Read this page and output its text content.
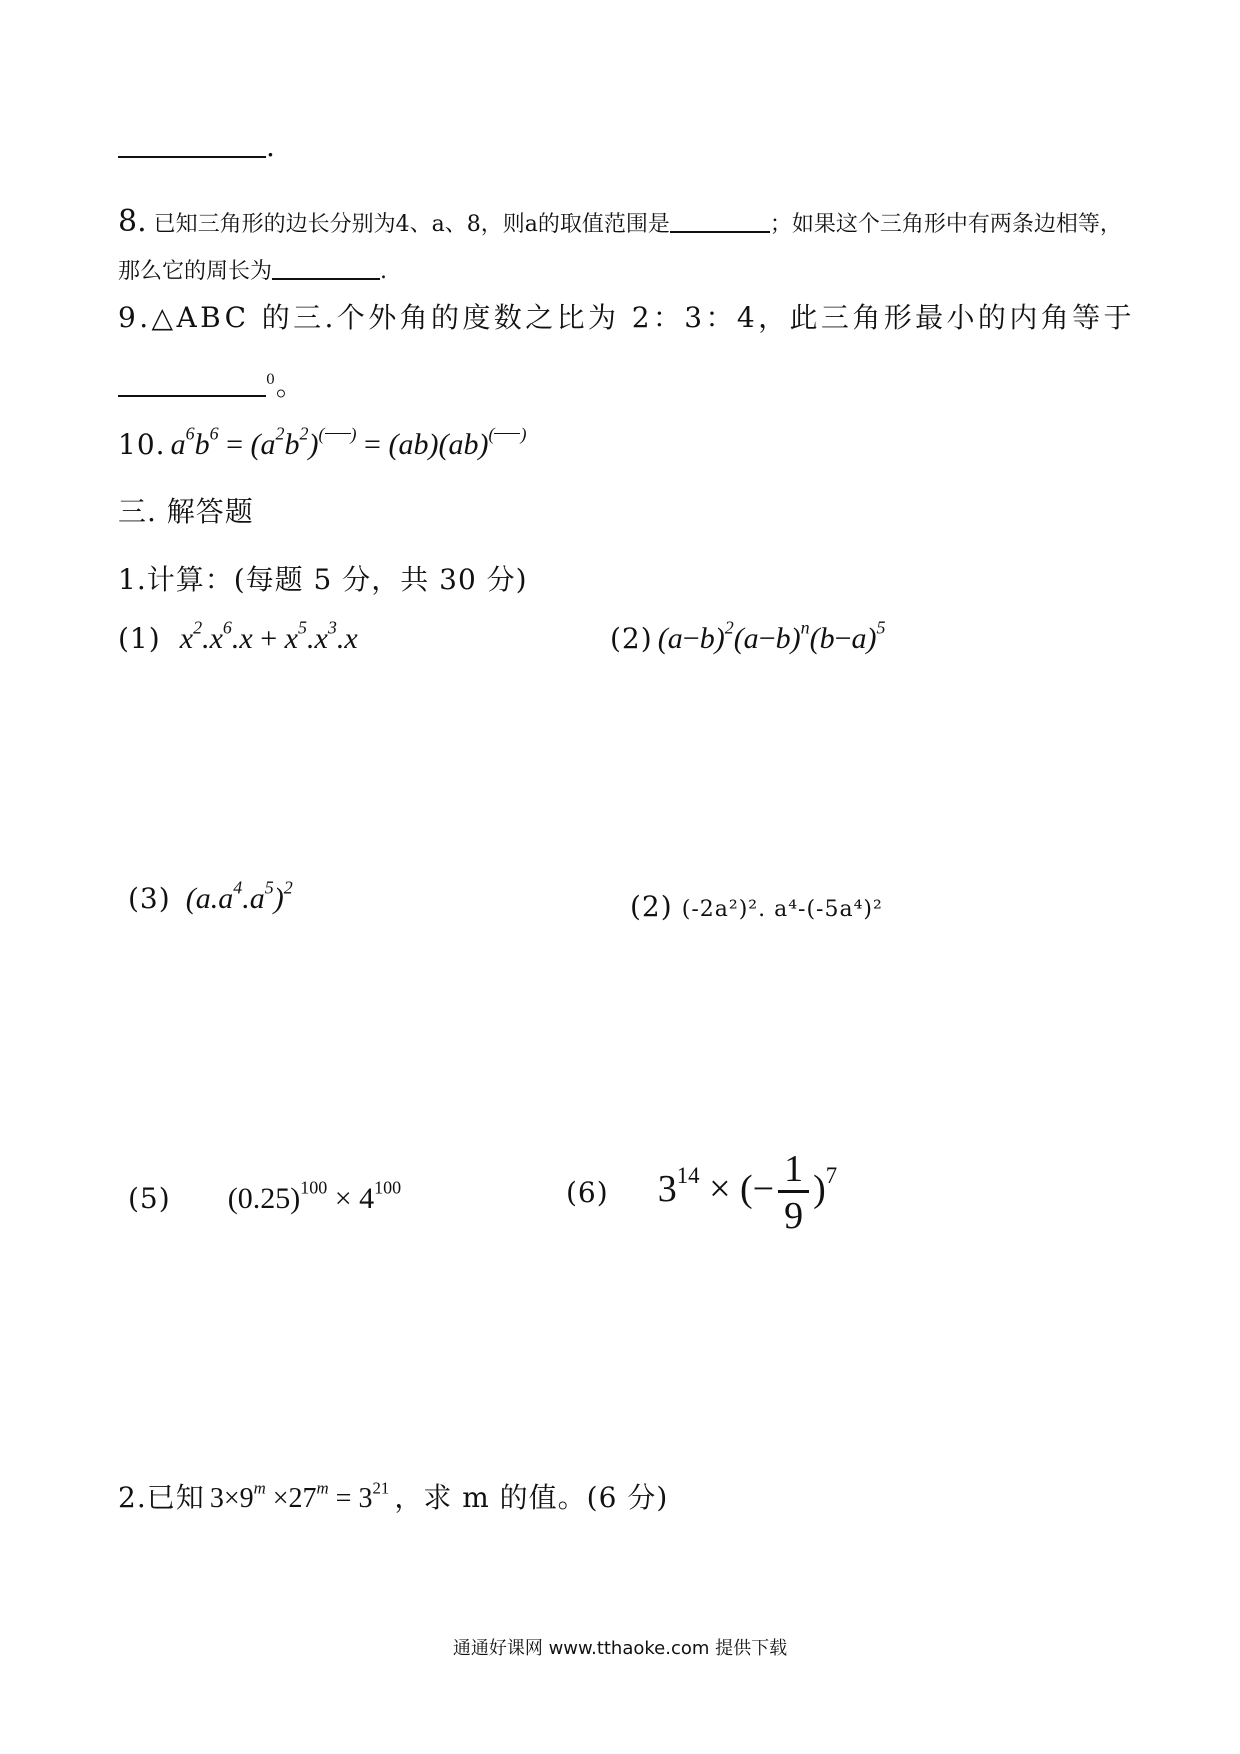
.
8. 已知三角形的边长分别为4、a、8，则a的取值范围是	；如果这个三角形中有两条边相等，
那么它的周长为	.
9.△ABC 的三.个外角的度数之比为 2：3：4，此三角形最小的内角等于
$^0$。
10. $a^6b^6 = (a^2b^2)^{( )} = (ab)(ab)^{( )}$
三. 解答题
1.计算：(每题 5 分，共 30 分)
(1) $x^2.x^6.x + x^5.x^3.x$	(2) $(a-b)^2(a-b)^n(b-a)^5$
(3) $(a.a^4.a^5)^2$
(2) (-2a²)². a⁴-(-5a⁴)²
(5) $(0.25)^{100} \times 4^{100}$	(6) $3^{14}$ × (− $\frac{1}{9} )^7$
2.已知 $3\times 9^m \times 27^m = 3^{21}$ ，求 m 的值。(6 分)
通通好课网 www.tthaoke.com 提供下载
